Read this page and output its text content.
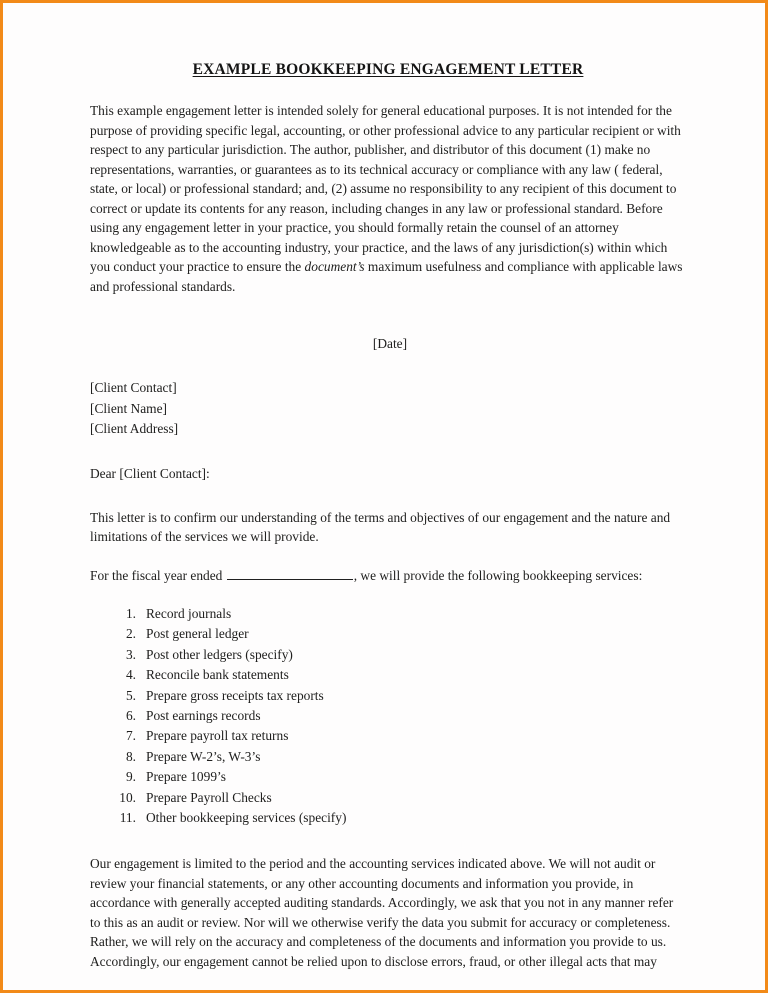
EXAMPLE BOOKKEEPING ENGAGEMENT LETTER

This example engagement letter is intended solely for general educational purposes. It is not intended for the purpose of providing specific legal, accounting, or other professional advice to any particular recipient or with respect to any particular jurisdiction. The author, publisher, and distributor of this document (1) make no representations, warranties, or guarantees as to its technical accuracy or compliance with any law ( federal, state, or local) or professional standard; and, (2) assume no responsibility to any recipient of this document to correct or update its contents for any reason, including changes in any law or professional standard. Before using any engagement letter in your practice, you should formally retain the counsel of an attorney knowledgeable as to the accounting industry, your practice, and the laws of any jurisdiction(s) within which you conduct your practice to ensure the document’s maximum usefulness and compliance with applicable laws and professional standards.

[Date]

[Client Contact]

[Client Name]

[Client Address]

Dear [Client Contact]:

This letter is to confirm our understanding of the terms and objectives of our engagement and the nature and limitations of the services we will provide.

For the fiscal year ended	, we will provide the following bookkeeping services:

Record journals
Post general ledger
Post other ledgers (specify)
Reconcile bank statements
Prepare gross receipts tax reports
Post earnings records
Prepare payroll tax returns
Prepare W-2’s, W-3’s
Prepare 1099’s
Prepare Payroll Checks
Other bookkeeping services (specify)

Our engagement is limited to the period and the accounting services indicated above. We will not audit or review your financial statements, or any other accounting documents and information you provide, in accordance with generally accepted auditing standards. Accordingly, we ask that you not in any manner refer to this as an audit or review. Nor will we otherwise verify the data you submit for accuracy or completeness. Rather, we will rely on the accuracy and completeness of the documents and information you provide to us. Accordingly, our engagement cannot be relied upon to disclose errors, fraud, or other illegal acts that may
